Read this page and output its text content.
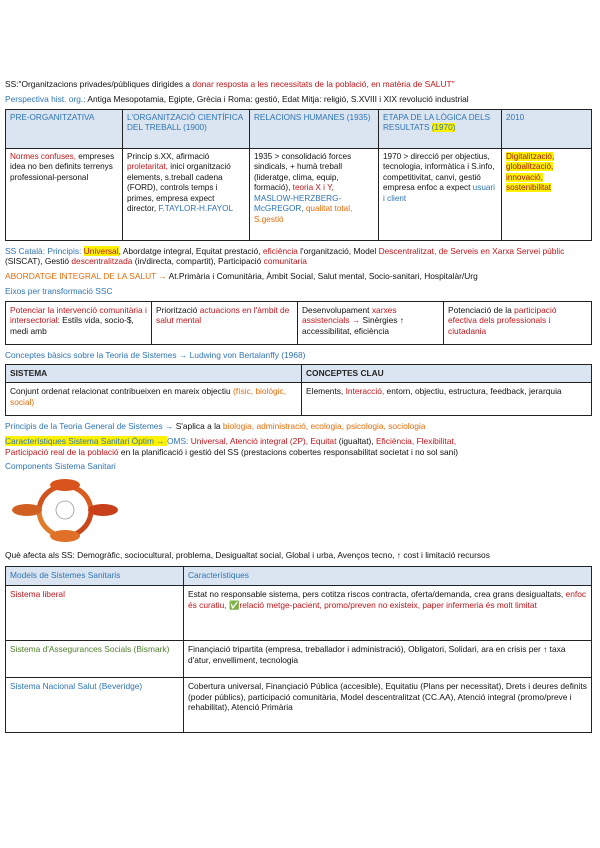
SS:"Organitzacions privades/públiques dirigides a donar resposta a les necessitats de la població, en matèria de SALUT"
Perspectiva hist. org.: Antiga Mesopotamia, Egipte, Grècia i Roma: gestió, Edat Mitja: religió, S.XVIII i XIX revolució industrial
PRE-ORGANITZATIVA	L'ORGANITZACIÓ CIENTÍFICA DEL TREBALL (1900)	RELACIONS HUMANES (1935)	ETAPA DE LA LÒGICA DELS RESULTATS (1970)	2010
Normes confuses, empreses idea no ben definits terrenys professional-personal	Princip s.XX, afirmació proletaritat, inici organització elements, s.treball cadena (FORD), controls temps i primes, empresa expect director, F.TAYLOR-H.FAYOL	1935 > consolidació forces sindicals, + humà treball (lideratge, clima, equip, formació), teoria X i Y, MASLOW-HERZBERG-McGREGOR, qualitat total, S.gestió	1970 > direcció per objectius, tecnologia, informàtica i S.info, competitivitat, canvi, gestió empresa enfoc a expect usuari i client	Digitalització, globalització, innovació, sostenibilitat
SS Català: Principis: Universal, Abordatge integral, Equitat prestació, eficiència l'organització, Model Descentralitzat, de Serveis en Xarxa Servei públic (SISCAT), Gestió descentralitzada (in/directa, compartit), Participació comunitaria
ABORDATGE INTEGRAL DE LA SALUT → At.Primària i Comunitària, Àmbit Social, Salut mental, Socio-sanitari, Hospitalàr/Urg
Eixos per transformació SSC
Potenciar la intervenció comunitària i intersectorial: Estils vida, socio-$, medi amb	Priorització actuacions en l'àmbit de salut mental	Desenvolupament xarxes assistencials → Sinèrgies ↑ accessibilitat, eficiència	Potenciació de la participació efectiva dels professionals i ciutadania
Conceptes bàsics sobre la Teoria de Sistemes → Ludwing von Bertalanffy (1968)
SISTEMA	CONCEPTES CLAU
Conjunt ordenat relacionat contribueixen en mareix objectiu (físic, biològic, social)	Elements, Interacció, entorn, objectiu, estructura, feedback, jerarquia
Principis de la Teoria General de Sistemes → S'aplica a la biologia, administració, ecologia, psicologia, sociologia
Característiques Sistema Sanitari Òptim → OMS: Universal, Atenció integral (2P), Equitat (igualtat), Eficiència, Flexibilitat,
Participació real de la població en la planificació i gestió del SS (prestacions cobertes responsabilitat societat i no sol sani)
Components Sistema Sanitari
Què afecta als SS: Demogràfic, sociocultural, problema, Desigualtat social, Global i urba, Avenços tecno, ↑ cost i limitació recursos
Models de Sistemes Sanitaris	Característiques
Sistema liberal	Estat no responsable sistema, pers cotitza riscos contracta, oferta/demanda, crea grans desigualtats, enfoc és curatiu, ✅relació metge-pacient, promo/preven no existeix, paper infermeria és molt limitat
Sistema d'Assegurances Socials (Bismark)	Finançiació tripartita (empresa, treballador i administració), Obligatori, Solidari, ara en crisis per ↑ taxa d'atur, envelliment, tecnologia
Sistema Nacional Salut (Beveridge)	Cobertura universal, Finançiació Pública (accesible), Equitatiu (Plans per necessitat), Drets i deures definits (poder públics), participació comunitària, Model descentralitzat (CC.AA), Atenció integral (promo/preve i rehabilitat), Atenció Primària
